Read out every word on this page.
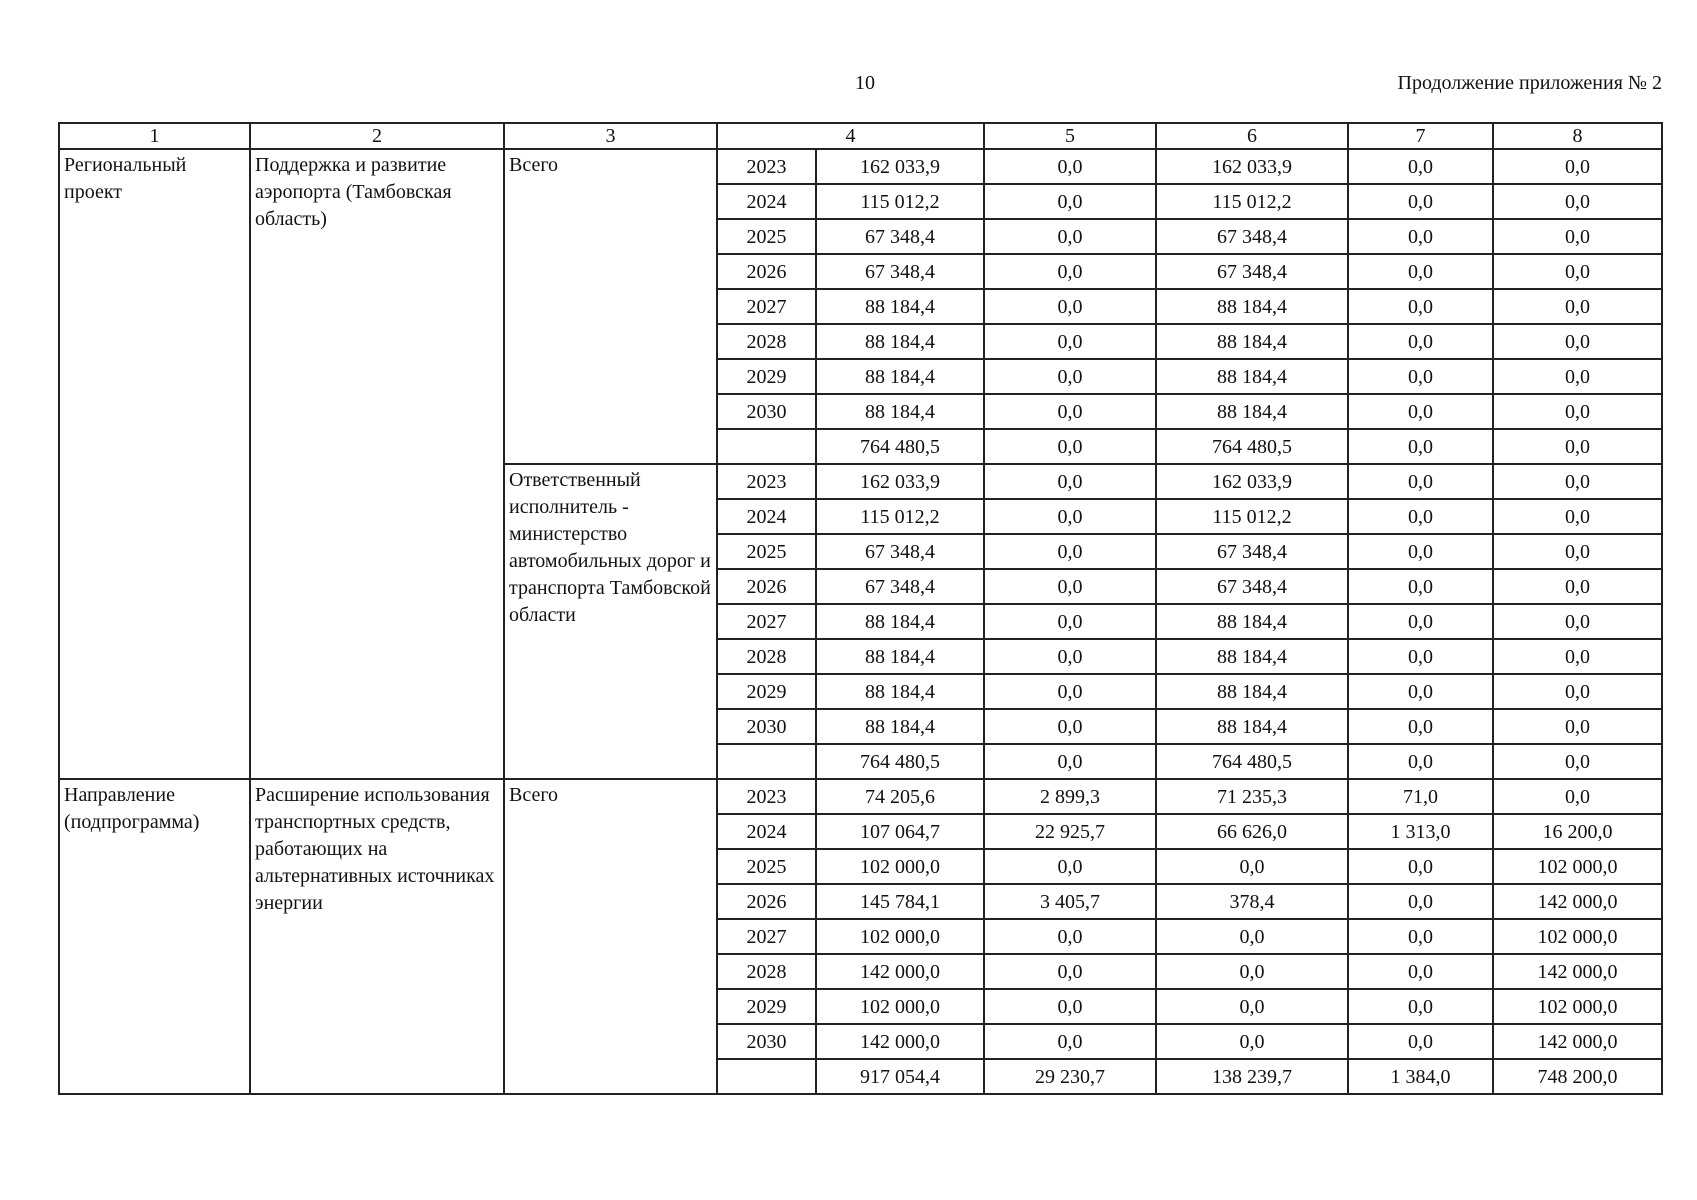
10	Продолжение приложения № 2
1	2	3	4		5	6	7	8
Региональный проект	Поддержка и развитие аэропорта (Тамбовская область)	Всего	2023	162 033,9	0,0	162 033,9	0,0	0,0
			2024	115 012,2	0,0	115 012,2	0,0	0,0
			2025	67 348,4	0,0	67 348,4	0,0	0,0
			2026	67 348,4	0,0	67 348,4	0,0	0,0
			2027	88 184,4	0,0	88 184,4	0,0	0,0
			2028	88 184,4	0,0	88 184,4	0,0	0,0
			2029	88 184,4	0,0	88 184,4	0,0	0,0
			2030	88 184,4	0,0	88 184,4	0,0	0,0
				764 480,5	0,0	764 480,5	0,0	0,0
		Ответственный исполнитель - министерство автомобильных дорог и транспорта Тамбовской области	2023	162 033,9	0,0	162 033,9	0,0	0,0
			2024	115 012,2	0,0	115 012,2	0,0	0,0
			2025	67 348,4	0,0	67 348,4	0,0	0,0
			2026	67 348,4	0,0	67 348,4	0,0	0,0
			2027	88 184,4	0,0	88 184,4	0,0	0,0
			2028	88 184,4	0,0	88 184,4	0,0	0,0
			2029	88 184,4	0,0	88 184,4	0,0	0,0
			2030	88 184,4	0,0	88 184,4	0,0	0,0
				764 480,5	0,0	764 480,5	0,0	0,0
Направление (подпрограмма)	Расширение использования транспортных средств, работающих на альтернативных источниках энергии	Всего	2023	74 205,6	2 899,3	71 235,3	71,0	0,0
			2024	107 064,7	22 925,7	66 626,0	1 313,0	16 200,0
			2025	102 000,0	0,0	0,0	0,0	102 000,0
			2026	145 784,1	3 405,7	378,4	0,0	142 000,0
			2027	102 000,0	0,0	0,0	0,0	102 000,0
			2028	142 000,0	0,0	0,0	0,0	142 000,0
			2029	102 000,0	0,0	0,0	0,0	102 000,0
			2030	142 000,0	0,0	0,0	0,0	142 000,0
				917 054,4	29 230,7	138 239,7	1 384,0	748 200,0
